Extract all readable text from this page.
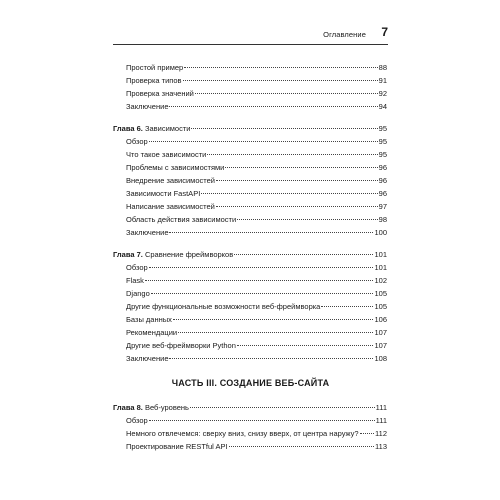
Оглавление 7
Простой пример	88
Проверка типов	91
Проверка значений	92
Заключение	94
Глава 6. Зависимости	95
Обзор	95
Что такое зависимости	95
Проблемы с зависимостями	96
Внедрение зависимостей	96
Зависимости FastAPI	96
Написание зависимостей	97
Область действия зависимости	98
Заключение	100
Глава 7. Сравнение фреймворков	101
Обзор	101
Flask	102
Django	105
Другие функциональные возможности веб-фреймворка	105
Базы данных	106
Рекомендации	107
Другие веб-фреймворки Python	107
Заключение	108
ЧАСТЬ III. СОЗДАНИЕ ВЕБ-САЙТА
Глава 8. Веб-уровень	111
Обзор	111
Немного отвлечемся: сверху вниз, снизу вверх, от центра наружу? 112
Проектирование RESTful API	113
